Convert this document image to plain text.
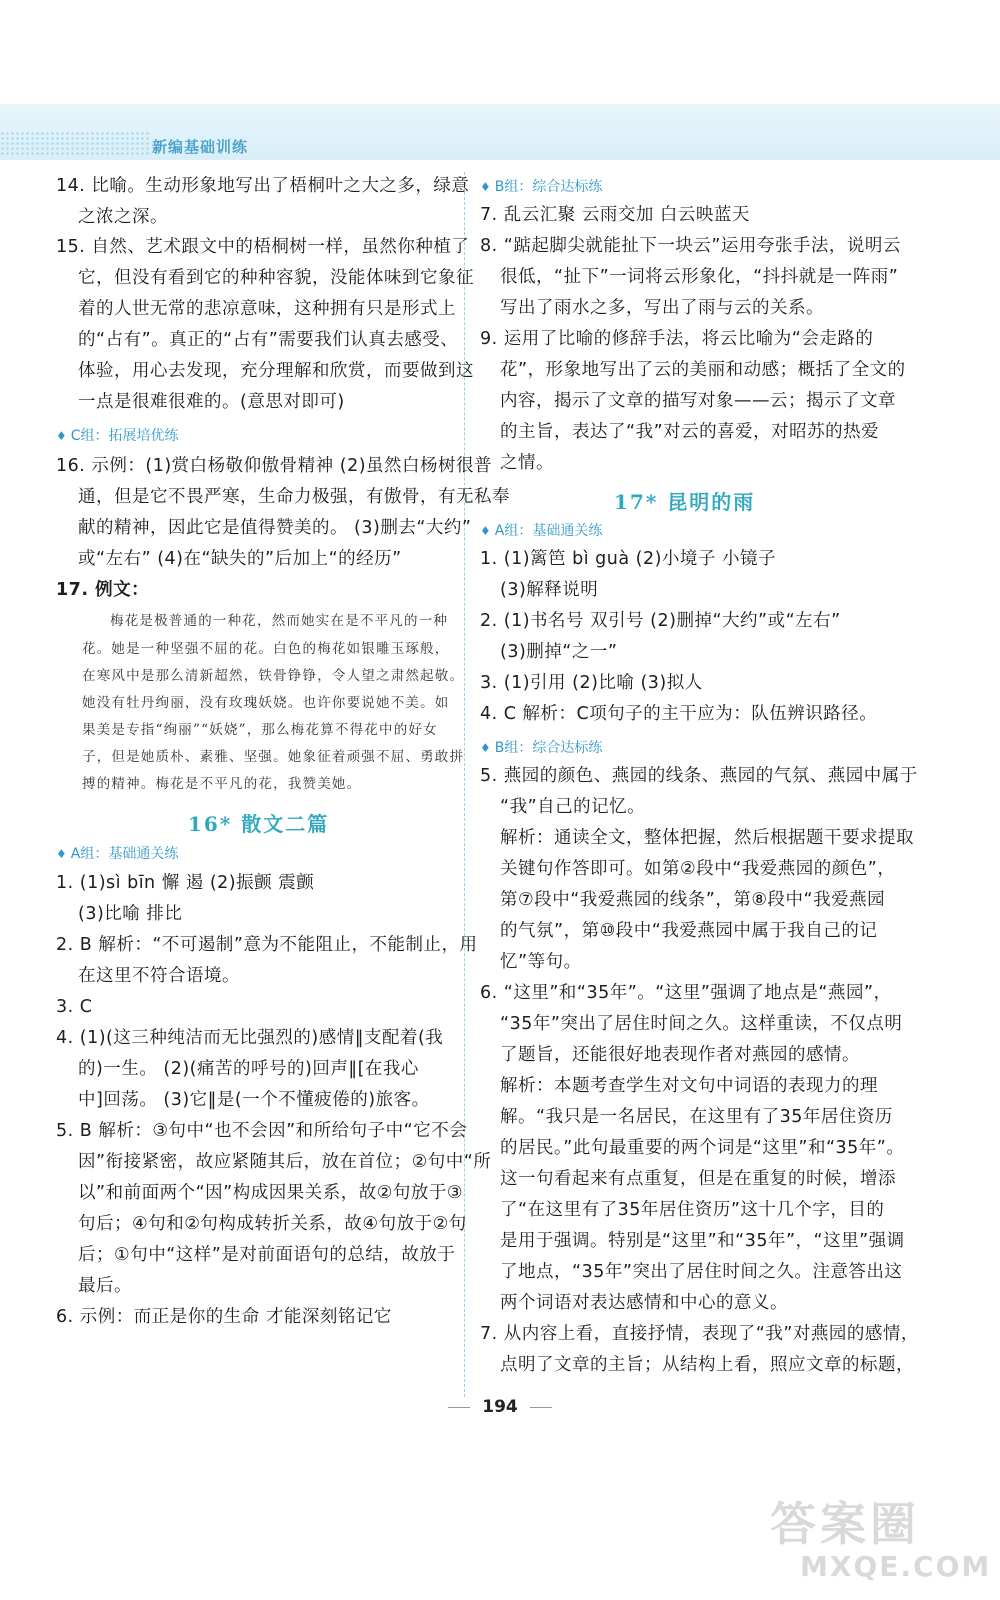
新编基础训练
14. 比喻。生动形象地写出了梧桐叶之大之多，绿意
之浓之深。
15. 自然、艺术跟文中的梧桐树一样，虽然你种植了
它，但没有看到它的种种容貌，没能体味到它象征
着的人世无常的悲凉意味，这种拥有只是形式上
的“占有”。真正的“占有”需要我们认真去感受、
体验，用心去发现，充分理解和欣赏，而要做到这
一点是很难很难的。(意思对即可)
♦ C组：拓展培优练
16. 示例：(1)赏白杨敬仰傲骨精神 (2)虽然白杨树很普
通，但是它不畏严寒，生命力极强，有傲骨，有无私奉
献的精神，因此它是值得赞美的。 (3)删去“大约”
或“左右” (4)在“缺失的”后加上“的经历”
17. 例文：
梅花是极普通的一种花，然而她实在是不平凡的一种
花。她是一种坚强不屈的花。白色的梅花如银雕玉琢般，
在寒风中是那么清新超然，铁骨铮铮，令人望之肃然起敬。
她没有牡丹绚丽，没有玫瑰妖娆。也许你要说她不美。如
果美是专指“绚丽”“妖娆”，那么梅花算不得花中的好女
子，但是她质朴、素雅、坚强。她象征着顽强不屈、勇敢拼
搏的精神。梅花是不平凡的花，我赞美她。
16* 散文二篇
♦ A组：基础通关练
1. (1)sì bīn 懈 遏 (2)振颤 震颤
(3)比喻 排比
2. B 解析：“不可遏制”意为不能阻止，不能制止，用
在这里不符合语境。
3. C
4. (1)(这三种纯洁而无比强烈的)感情‖支配着(我
的)一生。 (2)(痛苦的呼号的)回声‖[在我心
中]回荡。 (3)它‖是(一个不懂疲倦的)旅客。
5. B 解析：③句中“也不会因”和所给句子中“它不会
因”衔接紧密，故应紧随其后，放在首位；②句中“所
以”和前面两个“因”构成因果关系，故②句放于③
句后；④句和②句构成转折关系，故④句放于②句
后；①句中“这样”是对前面语句的总结，故放于
最后。
6. 示例：而正是你的生命 才能深刻铭记它
♦ B组：综合达标练
7. 乱云汇聚 云雨交加 白云映蓝天
8. “踮起脚尖就能扯下一块云”运用夸张手法，说明云
很低，“扯下”一词将云形象化，“抖抖就是一阵雨”
写出了雨水之多，写出了雨与云的关系。
9. 运用了比喻的修辞手法，将云比喻为“会走路的
花”，形象地写出了云的美丽和动感；概括了全文的
内容，揭示了文章的描写对象——云；揭示了文章
的主旨，表达了“我”对云的喜爱，对昭苏的热爱
之情。
17* 昆明的雨
♦ A组：基础通关练
1. (1)篱笆 bì guà (2)小境子 小镜子
(3)解释说明
2. (1)书名号 双引号 (2)删掉“大约”或“左右”
(3)删掉“之一”
3. (1)引用 (2)比喻 (3)拟人
4. C 解析：C项句子的主干应为：队伍辨识路径。
♦ B组：综合达标练
5. 燕园的颜色、燕园的线条、燕园的气氛、燕园中属于
“我”自己的记忆。
解析：通读全文，整体把握，然后根据题干要求提取
关键句作答即可。如第②段中“我爱燕园的颜色”，
第⑦段中“我爱燕园的线条”，第⑧段中“我爱燕园
的气氛”，第⑩段中“我爱燕园中属于我自己的记
忆”等句。
6. “这里”和“35年”。“这里”强调了地点是“燕园”，
“35年”突出了居住时间之久。这样重读，不仅点明
了题旨，还能很好地表现作者对燕园的感情。
解析：本题考查学生对文句中词语的表现力的理
解。“我只是一名居民，在这里有了35年居住资历
的居民。”此句最重要的两个词是“这里”和“35年”。
这一句看起来有点重复，但是在重复的时候，增添
了“在这里有了35年居住资历”这十几个字，目的
是用于强调。特别是“这里”和“35年”，“这里”强调
了地点，“35年”突出了居住时间之久。注意答出这
两个词语对表达感情和中心的意义。
7. 从内容上看，直接抒情，表现了“我”对燕园的感情，
点明了文章的主旨；从结构上看，照应文章的标题，
194
答案圈
MXQE.COM
